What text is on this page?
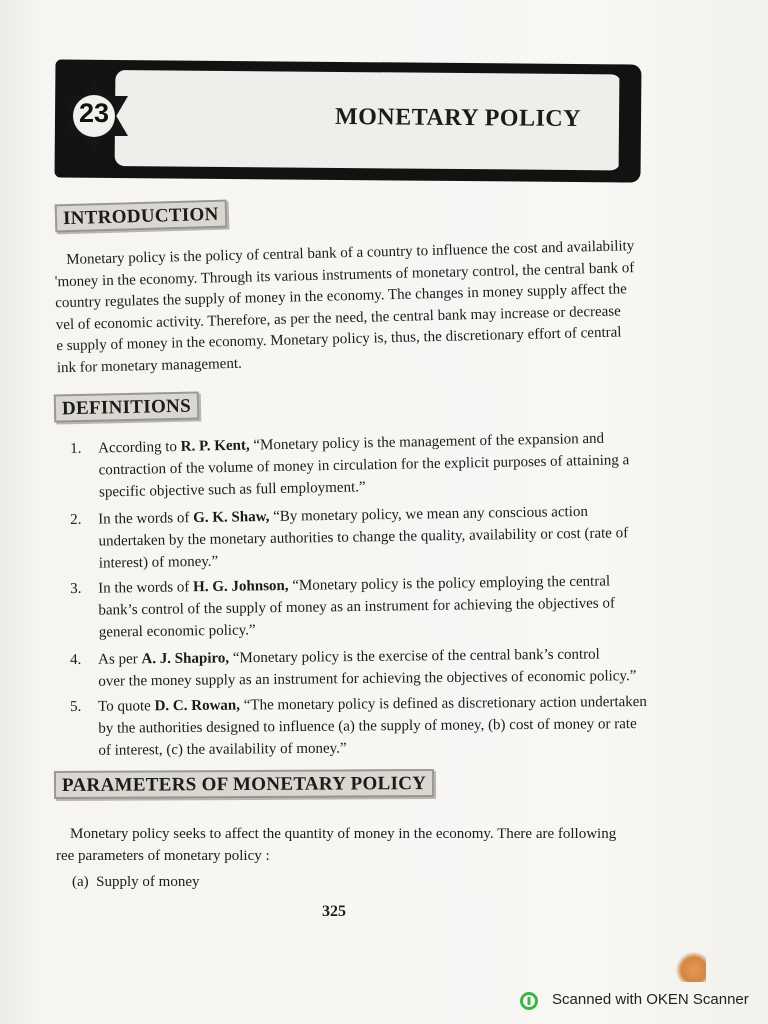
MONETARY POLICY
23
INTRODUCTION
Monetary policy is the policy of central bank of a country to influence the cost and availability
'money in the economy. Through its various instruments of monetary control, the central bank of
country regulates the supply of money in the economy. The changes in money supply affect the
vel of economic activity. Therefore, as per the need, the central bank may increase or decrease
e supply of money in the economy. Monetary policy is, thus, the discretionary effort of central
ink for monetary management.
DEFINITIONS
1. According to R. P. Kent, “Monetary policy is the management of the expansion and
contraction of the volume of money in circulation for the explicit purposes of attaining a
specific objective such as full employment.”
2. In the words of G. K. Shaw, “By monetary policy, we mean any conscious action
undertaken by the monetary authorities to change the quality, availability or cost (rate of
interest) of money.”
3. In the words of H. G. Johnson, “Monetary policy is the policy employing the central
bank’s control of the supply of money as an instrument for achieving the objectives of
general economic policy.”
4. As per A. J. Shapiro, “Monetary policy is the exercise of the central bank’s control
over the money supply as an instrument for achieving the objectives of economic policy.”
5. To quote D. C. Rowan, “The monetary policy is defined as discretionary action undertaken
by the authorities designed to influence (a) the supply of money, (b) cost of money or rate
of interest, (c) the availability of money.”
PARAMETERS OF MONETARY POLICY
Monetary policy seeks to affect the quantity of money in the economy. There are following
ree parameters of monetary policy :
(a)  Supply of money
325
Scanned with OKEN Scanner
